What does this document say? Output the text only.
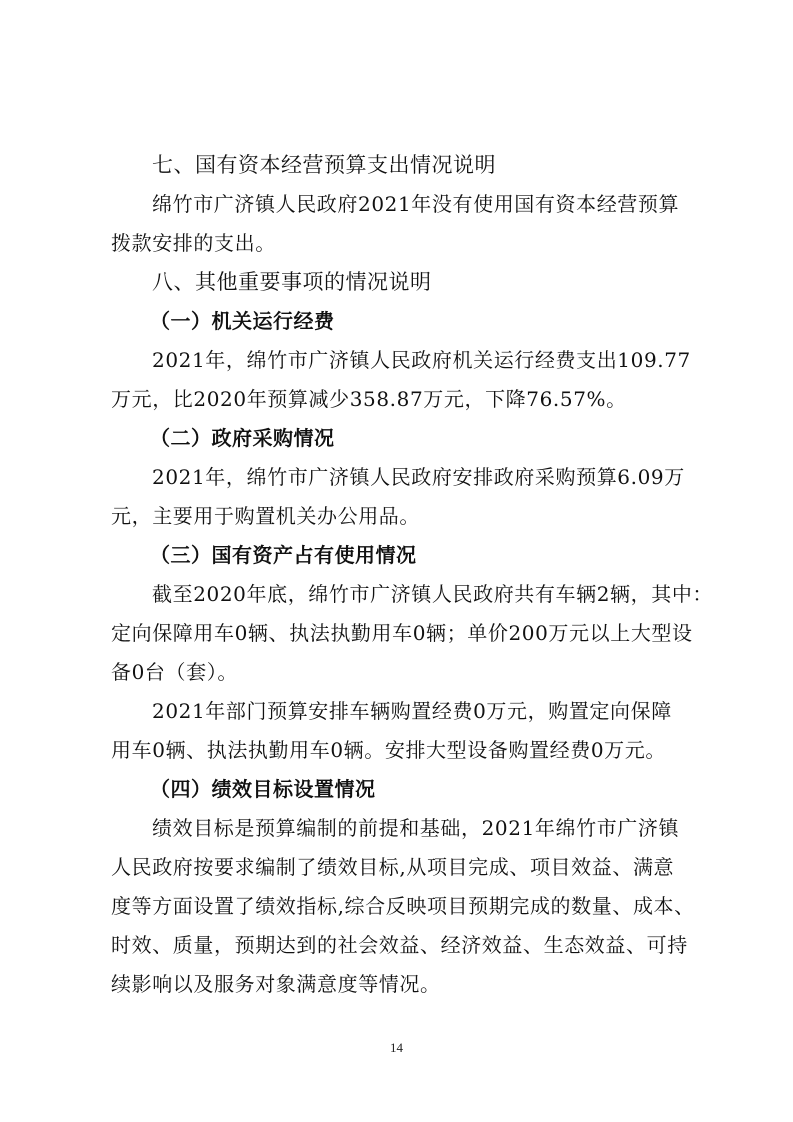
七、国有资本经营预算支出情况说明
绵竹市广济镇人民政府2021年没有使用国有资本经营预算
拨款安排的支出。
八、其他重要事项的情况说明
（一）机关运行经费
2021年，绵竹市广济镇人民政府机关运行经费支出109.77
万元，比2020年预算减少358.87万元，下降76.57%。
（二）政府采购情况
2021年，绵竹市广济镇人民政府安排政府采购预算6.09万
元，主要用于购置机关办公用品。
（三）国有资产占有使用情况
截至2020年底，绵竹市广济镇人民政府共有车辆2辆，其中：
定向保障用车0辆、执法执勤用车0辆；单价200万元以上大型设
备0台（套）。
2021年部门预算安排车辆购置经费0万元，购置定向保障
用车0辆、执法执勤用车0辆。安排大型设备购置经费0万元。
（四）绩效目标设置情况
绩效目标是预算编制的前提和基础，2021年绵竹市广济镇
人民政府按要求编制了绩效目标,从项目完成、项目效益、满意
度等方面设置了绩效指标,综合反映项目预期完成的数量、成本、
时效、质量，预期达到的社会效益、经济效益、生态效益、可持
续影响以及服务对象满意度等情况。
14
